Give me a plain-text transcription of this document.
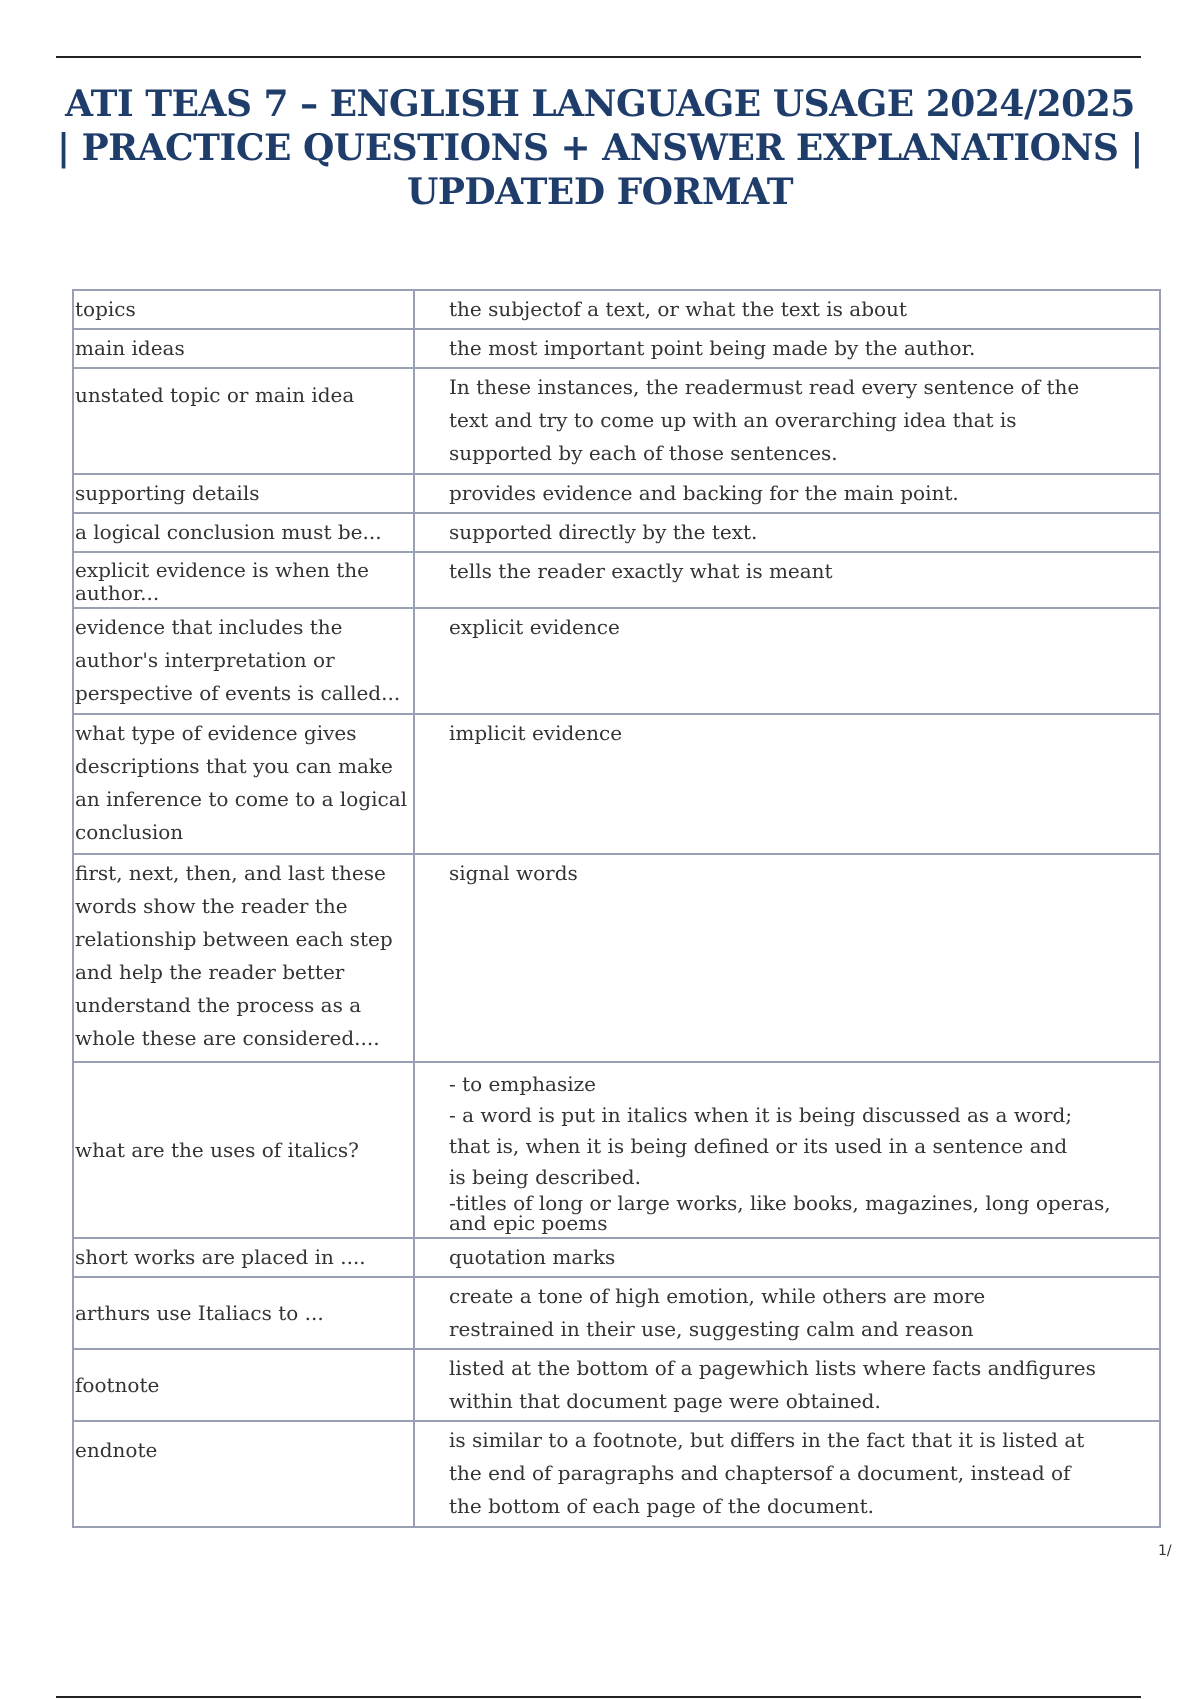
ATI TEAS 7 – ENGLISH LANGUAGE USAGE 2024/2025
| PRACTICE QUESTIONS + ANSWER EXPLANATIONS |
UPDATED FORMAT
topics	the subjectof a text, or what the text is about

main ideas	the most important point being made by the author.

unstated topic or main idea	In these instances, the readermust read every sentence of the
text and try to come up with an overarching idea that is
supported by each of those sentences.

supporting details	provides evidence and backing for the main point.

a logical conclusion must be...	supported directly by the text.

explicit evidence is when the author...	tells the reader exactly what is meant

evidence that includes the author's interpretation or perspective of events is called...	explicit evidence

what type of evidence gives descriptions that you can make an inference to come to a logical conclusion	implicit evidence

first, next, then, and last these words show the reader the relationship between each step and help the reader better understand the process as a whole these are considered....	signal words

what are the uses of italics?	- to emphasize
- a word is put in italics when it is being discussed as a word;
that is, when it is being defined or its used in a sentence and
is being described.
-titles of long or large works, like books, magazines, long operas, and epic poems

short works are placed in ....	quotation marks

arthurs use Italiacs to ...	create a tone of high emotion, while others are more
restrained in their use, suggesting calm and reason

footnote	listed at the bottom of a pagewhich lists where facts andfigures
within that document page were obtained.

endnote	is similar to a footnote, but differs in the fact that it is listed at
the end of paragraphs and chaptersof a document, instead of
the bottom of each page of the document.
1/
